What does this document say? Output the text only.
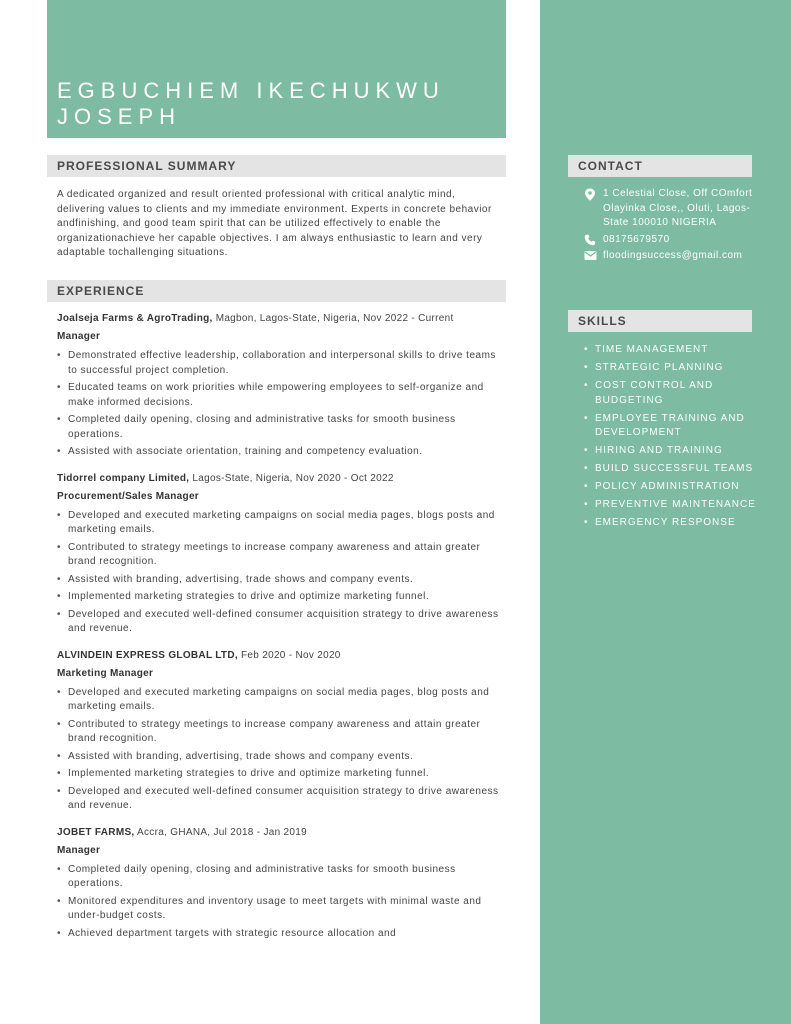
EGBUCHIEM IKECHUKWU JOSEPH
PROFESSIONAL SUMMARY

A dedicated organized and result oriented professional with critical analytic mind, delivering values to clients and my immediate environment. Experts in concrete behavior andfinishing, and good team spirit that can be utilized effectively to enable the organizationachieve her capable objectives. I am always enthusiastic to learn and very adaptable tochallenging situations.

EXPERIENCE
Joalseja Farms & AgroTrading, Magbon, Lagos-State, Nigeria, Nov 2022 - Current
Manager
• Demonstrated effective leadership, collaboration and interpersonal skills to drive teams to successful project completion.
• Educated teams on work priorities while empowering employees to self-organize and make informed decisions.
• Completed daily opening, closing and administrative tasks for smooth business operations.
• Assisted with associate orientation, training and competency evaluation.
Tidorrel company Limited, Lagos-State, Nigeria, Nov 2020 - Oct 2022
Procurement/Sales Manager
• Developed and executed marketing campaigns on social media pages, blogs posts and marketing emails.
• Contributed to strategy meetings to increase company awareness and attain greater brand recognition.
• Assisted with branding, advertising, trade shows and company events.
• Implemented marketing strategies to drive and optimize marketing funnel.
• Developed and executed well-defined consumer acquisition strategy to drive awareness and revenue.
ALVINDEIN EXPRESS GLOBAL LTD, Feb 2020 - Nov 2020
Marketing Manager
• Developed and executed marketing campaigns on social media pages, blog posts and marketing emails.
• Contributed to strategy meetings to increase company awareness and attain greater brand recognition.
• Assisted with branding, advertising, trade shows and company events.
• Implemented marketing strategies to drive and optimize marketing funnel.
• Developed and executed well-defined consumer acquisition strategy to drive awareness and revenue.
JOBET FARMS, Accra, GHANA, Jul 2018 - Jan 2019
Manager
• Completed daily opening, closing and administrative tasks for smooth business operations.
• Monitored expenditures and inventory usage to meet targets with minimal waste and under-budget costs.
• Achieved department targets with strategic resource allocation and
CONTACT
1 Celestial Close, Off COmfort Olayinka Close,, Oluti, Lagos-State 100010 NIGERIA
08175679570
floodingsuccess@gmail.com
SKILLS
• TIME MANAGEMENT
• STRATEGIC PLANNING
• COST CONTROL AND BUDGETING
• EMPLOYEE TRAINING AND DEVELOPMENT
• HIRING AND TRAINING
• BUILD SUCCESSFUL TEAMS
• POLICY ADMINISTRATION
• PREVENTIVE MAINTENANCE
• EMERGENCY RESPONSE
